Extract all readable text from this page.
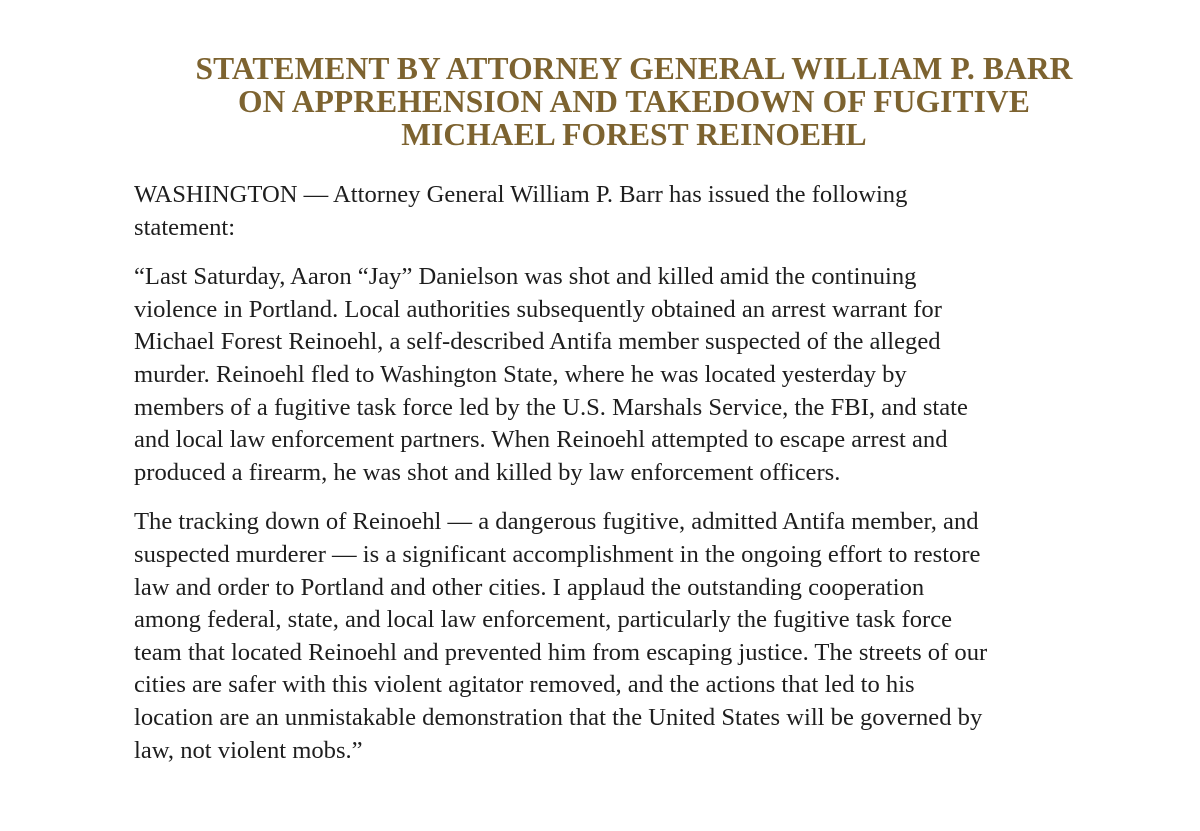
STATEMENT BY ATTORNEY GENERAL WILLIAM P. BARR
ON APPREHENSION AND TAKEDOWN OF FUGITIVE
MICHAEL FOREST REINOEHL

WASHINGTON — Attorney General William P. Barr has issued the following
statement:

“Last Saturday, Aaron “Jay” Danielson was shot and killed amid the continuing
violence in Portland. Local authorities subsequently obtained an arrest warrant for
Michael Forest Reinoehl, a self-described Antifa member suspected of the alleged
murder. Reinoehl fled to Washington State, where he was located yesterday by
members of a fugitive task force led by the U.S. Marshals Service, the FBI, and state
and local law enforcement partners. When Reinoehl attempted to escape arrest and
produced a firearm, he was shot and killed by law enforcement officers.

The tracking down of Reinoehl — a dangerous fugitive, admitted Antifa member, and
suspected murderer — is a significant accomplishment in the ongoing effort to restore
law and order to Portland and other cities. I applaud the outstanding cooperation
among federal, state, and local law enforcement, particularly the fugitive task force
team that located Reinoehl and prevented him from escaping justice. The streets of our
cities are safer with this violent agitator removed, and the actions that led to his
location are an unmistakable demonstration that the United States will be governed by
law, not violent mobs.”
